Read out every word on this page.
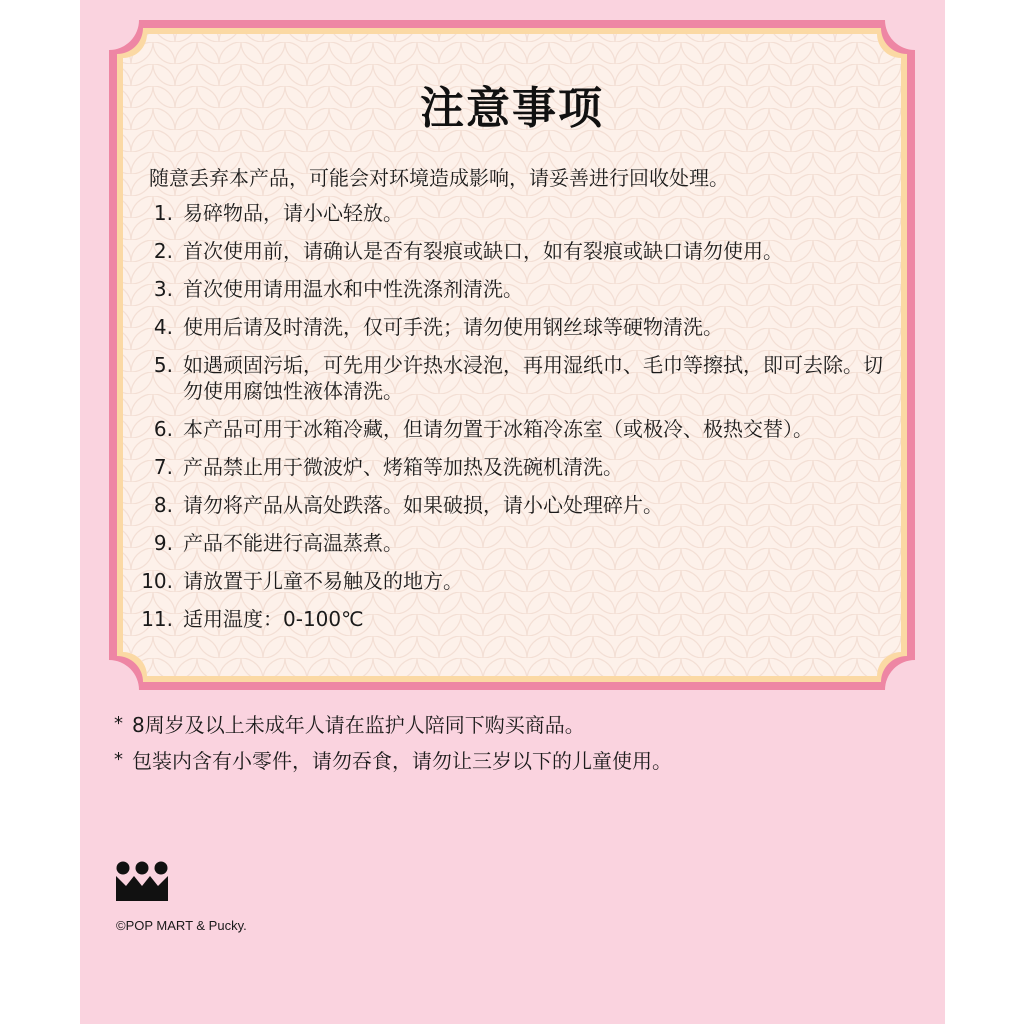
注意事项
随意丢弃本产品，可能会对环境造成影响，请妥善进行回收处理。
1. 易碎物品，请小心轻放。
2. 首次使用前，请确认是否有裂痕或缺口，如有裂痕或缺口请勿使用。
3. 首次使用请用温水和中性洗涤剂清洗。
4. 使用后请及时清洗，仅可手洗；请勿使用钢丝球等硬物清洗。
5. 如遇顽固污垢，可先用少许热水浸泡，再用湿纸巾、毛巾等擦拭，即可去除。切勿使用腐蚀性液体清洗。
6. 本产品可用于冰箱冷藏，但请勿置于冰箱冷冻室（或极冷、极热交替）。
7. 产品禁止用于微波炉、烤箱等加热及洗碗机清洗。
8. 请勿将产品从高处跌落。如果破损，请小心处理碎片。
9. 产品不能进行高温蒸煮。
10. 请放置于儿童不易触及的地方。
11. 适用温度：0-100℃
* 8周岁及以上未成年人请在监护人陪同下购买商品。
* 包装内含有小零件，请勿吞食，请勿让三岁以下的儿童使用。
©POP MART & Pucky.
